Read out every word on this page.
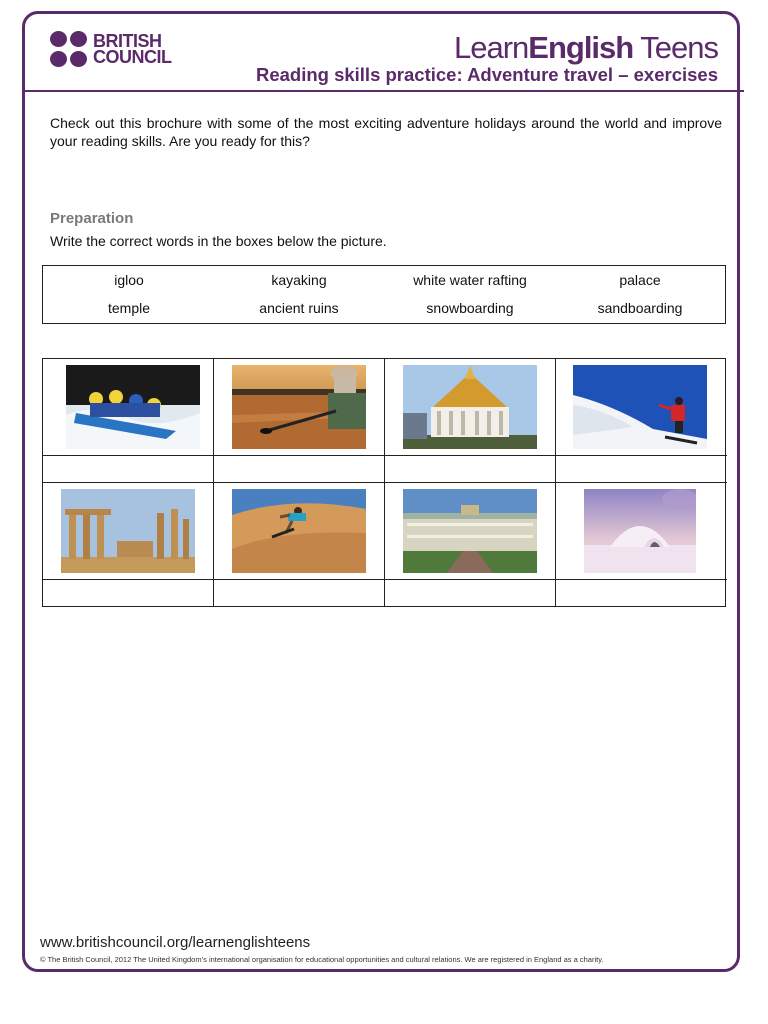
BRITISH
COUNCIL	LearnEnglish Teens
Reading skills practice: Adventure travel – exercises
Check out this brochure with some of the most exciting adventure holidays around the world and improve your reading skills. Are you ready for this?
Preparation
Write the correct words in the boxes below the picture.
igloo	kayaking	white water rafting	palace
temple	ancient ruins	snowboarding	sandboarding
www.britishcouncil.org/learnenglishteens
© The British Council, 2012 The United Kingdom’s international organisation for educational opportunities and cultural relations. We are registered in England as a charity.
